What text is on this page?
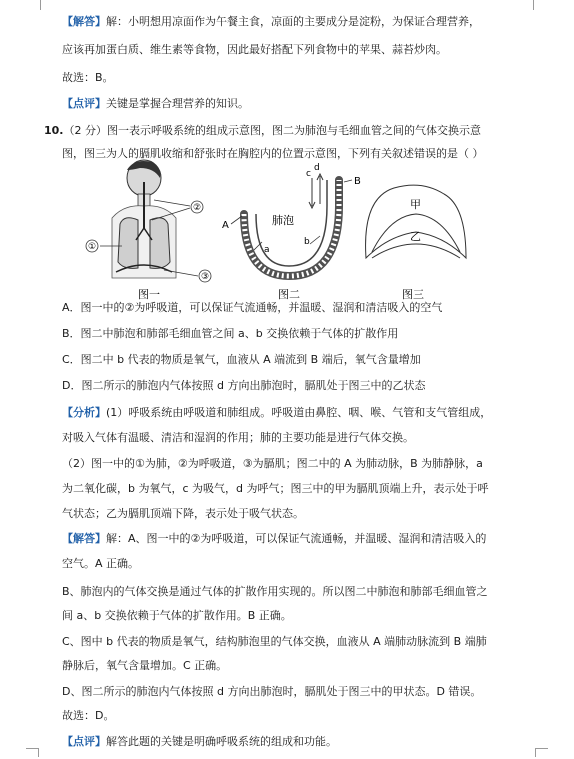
【解答】解：小明想用凉面作为午餐主食，凉面的主要成分是淀粉，为保证合理营养，
应该再加蛋白质、维生素等食物，因此最好搭配下列食物中的苹果、蒜苔炒肉。
故选：B。
【点评】关键是掌握合理营养的知识。
10.（2 分）图一表示呼吸系统的组成示意图，图二为肺泡与毛细血管之间的气体交换示意
图，图三为人的膈肌收缩和舒张时在胸腔内的位置示意图，下列有关叙述错误的是（ ）
②
①
③
图一
A
B
c
d
a
b
肺泡
图二
甲
乙
图三
A．图一中的②为呼吸道，可以保证气流通畅，并温暖、湿润和清洁吸入的空气
B．图二中肺泡和肺部毛细血管之间 a、b 交换依赖于气体的扩散作用
C．图二中 b 代表的物质是氧气，血液从 A 端流到 B 端后，氧气含量增加
D．图二所示的肺泡内气体按照 d 方向出肺泡时，膈肌处于图三中的乙状态
【分析】(1）呼吸系统由呼吸道和肺组成。呼吸道由鼻腔、咽、喉、气管和支气管组成，
对吸入气体有温暖、清洁和湿润的作用；肺的主要功能是进行气体交换。
（2）图一中的①为肺，②为呼吸道，③为膈肌；图二中的 A 为肺动脉，B 为肺静脉，a
为二氧化碳，b 为氧气，c 为吸气，d 为呼气；图三中的甲为膈肌顶端上升，表示处于呼
气状态；乙为膈肌顶端下降，表示处于吸气状态。
【解答】解：A、图一中的②为呼吸道，可以保证气流通畅，并温暖、湿润和清洁吸入的
空气。A 正确。
B、肺泡内的气体交换是通过气体的扩散作用实现的。所以图二中肺泡和肺部毛细血管之
间 a、b 交换依赖于气体的扩散作用。B 正确。
C、图中 b 代表的物质是氧气，结构肺泡里的气体交换，血液从 A 端肺动脉流到 B 端肺
静脉后，氧气含量增加。C 正确。
D、图二所示的肺泡内气体按照 d 方向出肺泡时，膈肌处于图三中的甲状态。D 错误。
故选：D。
【点评】解答此题的关键是明确呼吸系统的组成和功能。
